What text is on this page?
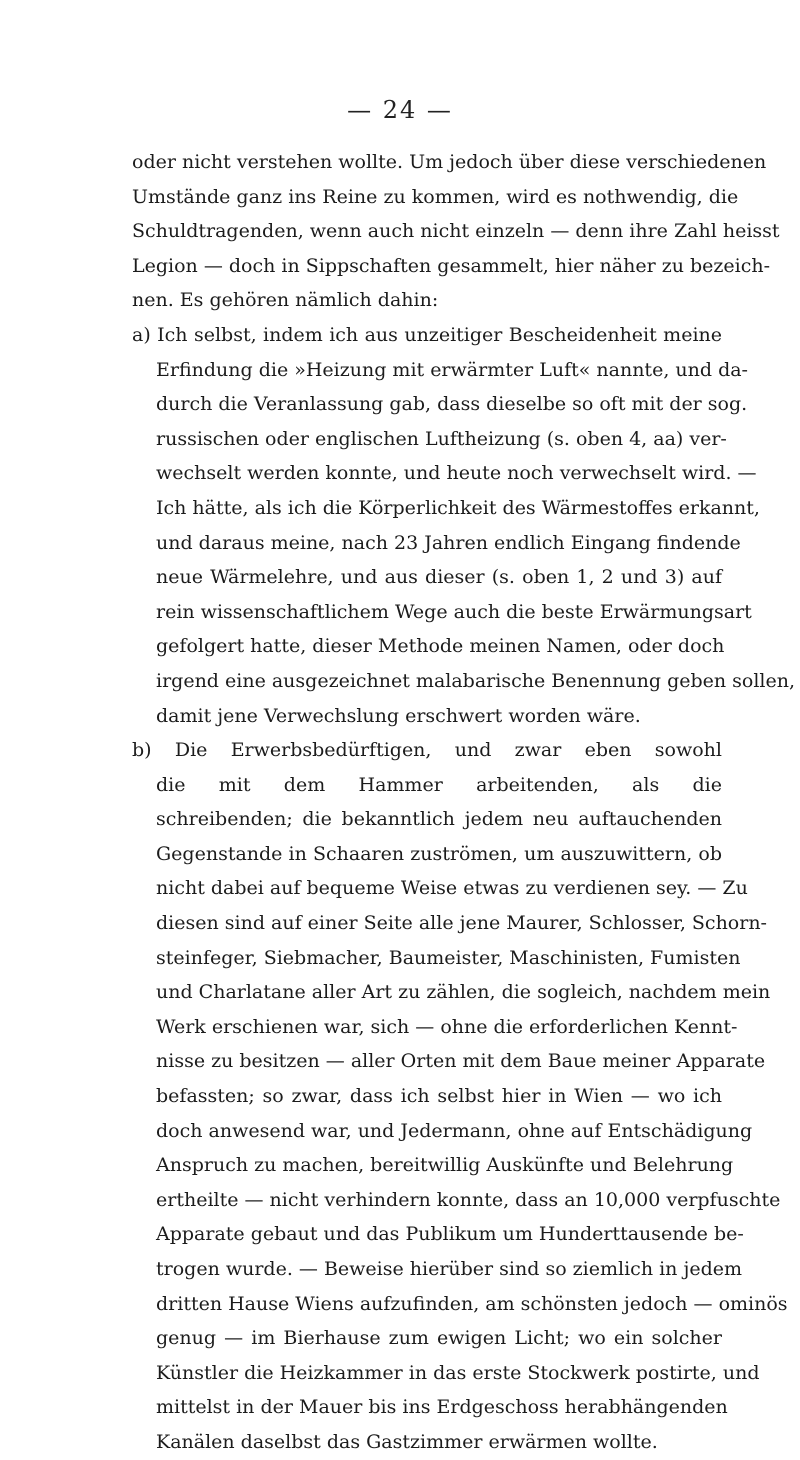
— 24 —
oder nicht verstehen wollte. Um jedoch über diese verschiedenen
Umstände ganz ins Reine zu kommen, wird es nothwendig, die
Schuldtragenden, wenn auch nicht einzeln — denn ihre Zahl heisst
Legion — doch in Sippschaften gesammelt, hier näher zu bezeich-
nen. Es gehören nämlich dahin:
a) Ich selbst, indem ich aus unzeitiger Bescheidenheit meine
Erfindung die »Heizung mit erwärmter Luft« nannte, und da-
durch die Veranlassung gab, dass dieselbe so oft mit der sog.
russischen oder englischen Luftheizung (s. oben 4, aa) ver-
wechselt werden konnte, und heute noch verwechselt wird. —
Ich hätte, als ich die Körperlichkeit des Wärmestoffes erkannt,
und daraus meine, nach 23 Jahren endlich Eingang findende
neue Wärmelehre, und aus dieser (s. oben 1, 2 und 3) auf
rein wissenschaftlichem Wege auch die beste Erwärmungsart
gefolgert hatte, dieser Methode meinen Namen, oder doch
irgend eine ausgezeichnet malabarische Benennung geben sollen,
damit jene Verwechslung erschwert worden wäre.
b) Die Erwerbsbedürftigen, und zwar eben sowohl
die mit dem Hammer arbeitenden, als die
schreibenden; die bekanntlich jedem neu auftauchenden
Gegenstande in Schaaren zuströmen, um auszuwittern, ob
nicht dabei auf bequeme Weise etwas zu verdienen sey. — Zu
diesen sind auf einer Seite alle jene Maurer, Schlosser, Schorn-
steinfeger, Siebmacher, Baumeister, Maschinisten, Fumisten
und Charlatane aller Art zu zählen, die sogleich, nachdem mein
Werk erschienen war, sich — ohne die erforderlichen Kennt-
nisse zu besitzen — aller Orten mit dem Baue meiner Apparate
befassten; so zwar, dass ich selbst hier in Wien — wo ich
doch anwesend war, und Jedermann, ohne auf Entschädigung
Anspruch zu machen, bereitwillig Auskünfte und Belehrung
ertheilte — nicht verhindern konnte, dass an 10,000 verpfuschte
Apparate gebaut und das Publikum um Hunderttausende be-
trogen wurde. — Beweise hierüber sind so ziemlich in jedem
dritten Hause Wiens aufzufinden, am schönsten jedoch — ominös
genug — im Bierhause zum ewigen Licht; wo ein solcher
Künstler die Heizkammer in das erste Stockwerk postirte, und
mittelst in der Mauer bis ins Erdgeschoss herabhängenden
Kanälen daselbst das Gastzimmer erwärmen wollte.
